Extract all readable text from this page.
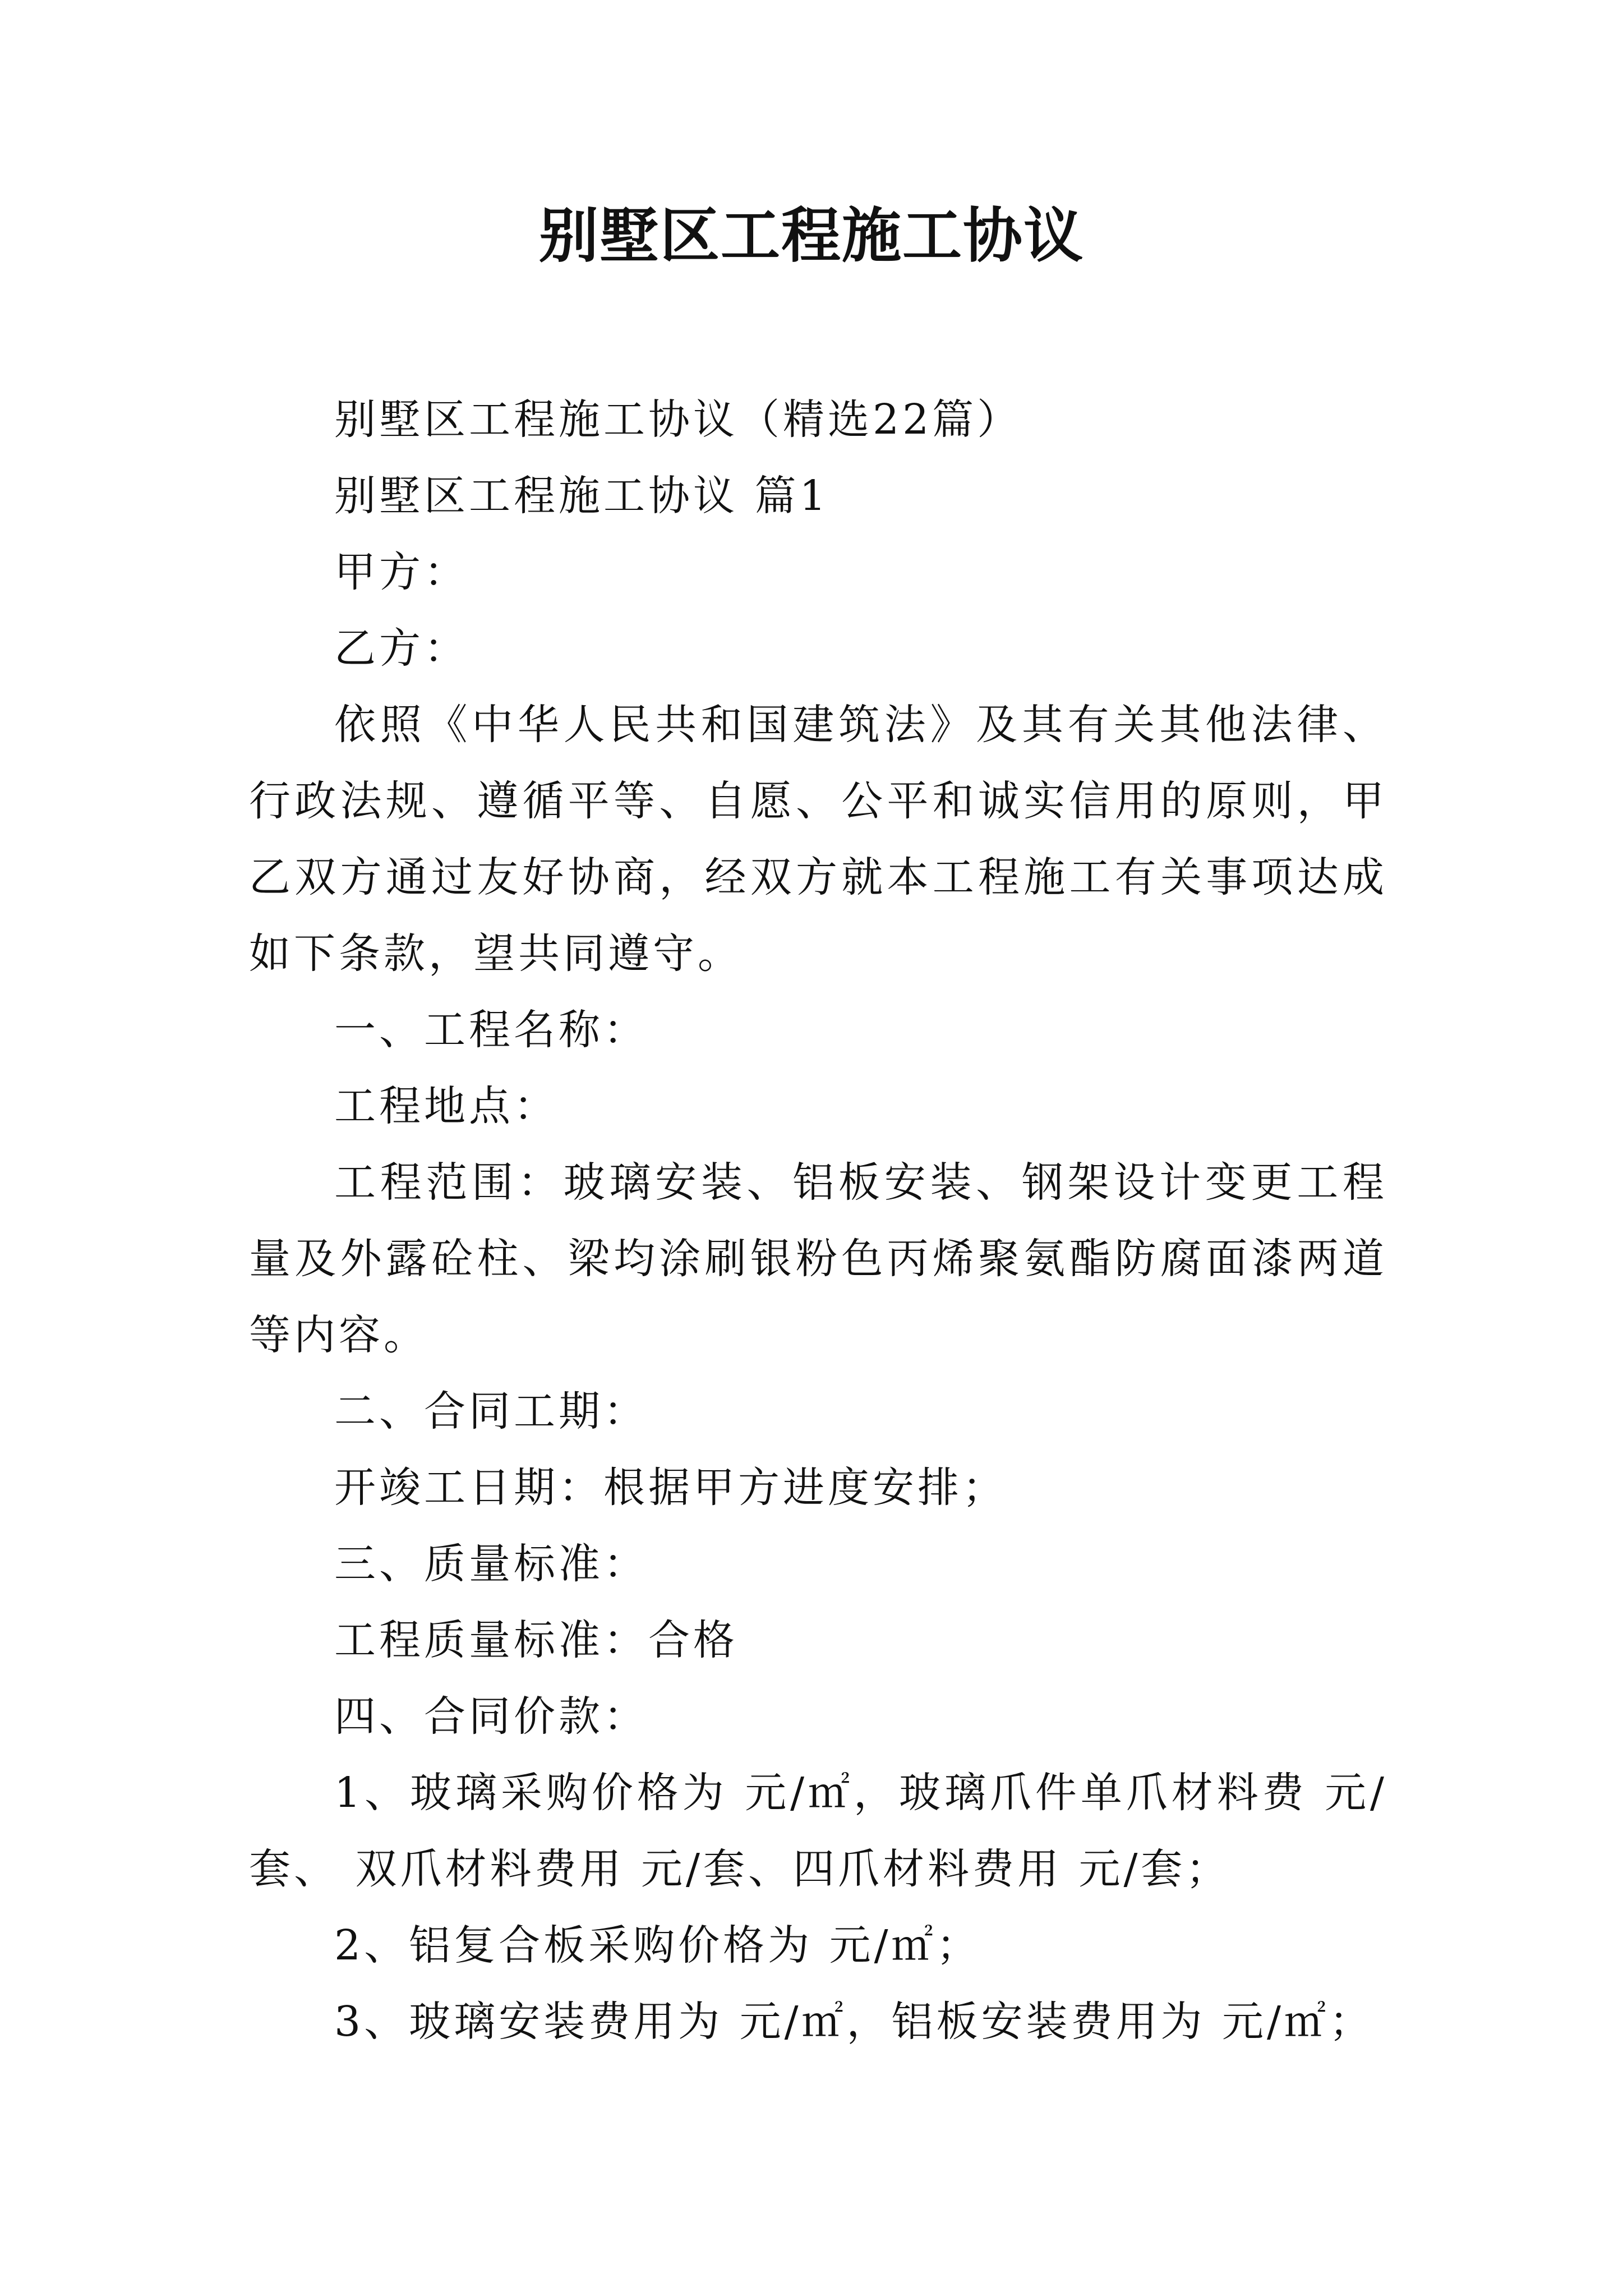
别墅区工程施工协议

别墅区工程施工协议（精选22篇）

别墅区工程施工协议 篇1

甲方：

乙方：

依照《中华人民共和国建筑法》及其有关其他法律、行政法规、遵循平等、自愿、公平和诚实信用的原则，甲乙双方通过友好协商，经双方就本工程施工有关事项达成如下条款，望共同遵守。

一、工程名称：

工程地点：

工程范围：玻璃安装、铝板安装、钢架设计变更工程量及外露砼柱、梁均涂刷银粉色丙烯聚氨酯防腐面漆两道等内容。

二、合同工期：

开竣工日期：根据甲方进度安排；

三、质量标准：

工程质量标准：合格

四、合同价款：

1、玻璃采购价格为 元/㎡，玻璃爪件单爪材料费 元/套、 双爪材料费用 元/套、四爪材料费用 元/套；

2、铝复合板采购价格为 元/㎡；

3、玻璃安装费用为 元/㎡，铝板安装费用为 元/㎡；
